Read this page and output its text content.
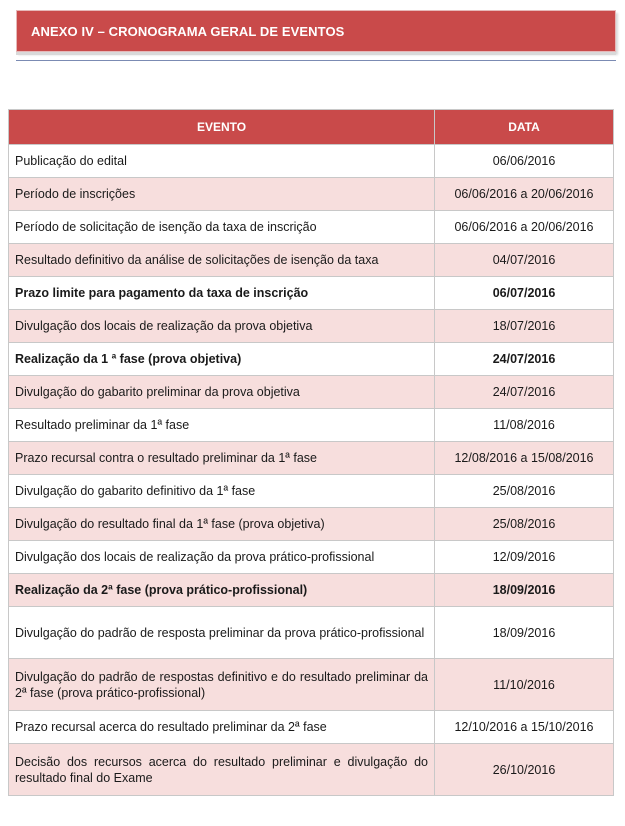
ANEXO IV – CRONOGRAMA GERAL DE EVENTOS
EVENTO	DATA
Publicação do edital	06/06/2016
Período de inscrições	06/06/2016 a 20/06/2016
Período de solicitação de isenção da taxa de inscrição	06/06/2016 a 20/06/2016
Resultado definitivo da análise de solicitações de isenção da taxa	04/07/2016
Prazo limite para pagamento da taxa de inscrição	06/07/2016
Divulgação dos locais de realização da prova objetiva	18/07/2016
Realização da 1 ª fase (prova objetiva)	24/07/2016
Divulgação do gabarito preliminar da prova objetiva	24/07/2016
Resultado preliminar da 1ª fase	11/08/2016
Prazo recursal contra o resultado preliminar da 1ª fase	12/08/2016 a 15/08/2016
Divulgação do gabarito definitivo da 1ª fase	25/08/2016
Divulgação do resultado final da 1ª fase (prova objetiva)	25/08/2016
Divulgação dos locais de realização da prova prático-profissional	12/09/2016
Realização da 2ª fase (prova prático-profissional)	18/09/2016
Divulgação do padrão de resposta preliminar da prova prático-profissional	18/09/2016
Divulgação do padrão de respostas definitivo e do resultado preliminar da 2ª fase (prova prático-profissional)	11/10/2016
Prazo recursal acerca do resultado preliminar da 2ª fase	12/10/2016 a 15/10/2016
Decisão dos recursos acerca do resultado preliminar e divulgação do resultado final do Exame	26/10/2016
